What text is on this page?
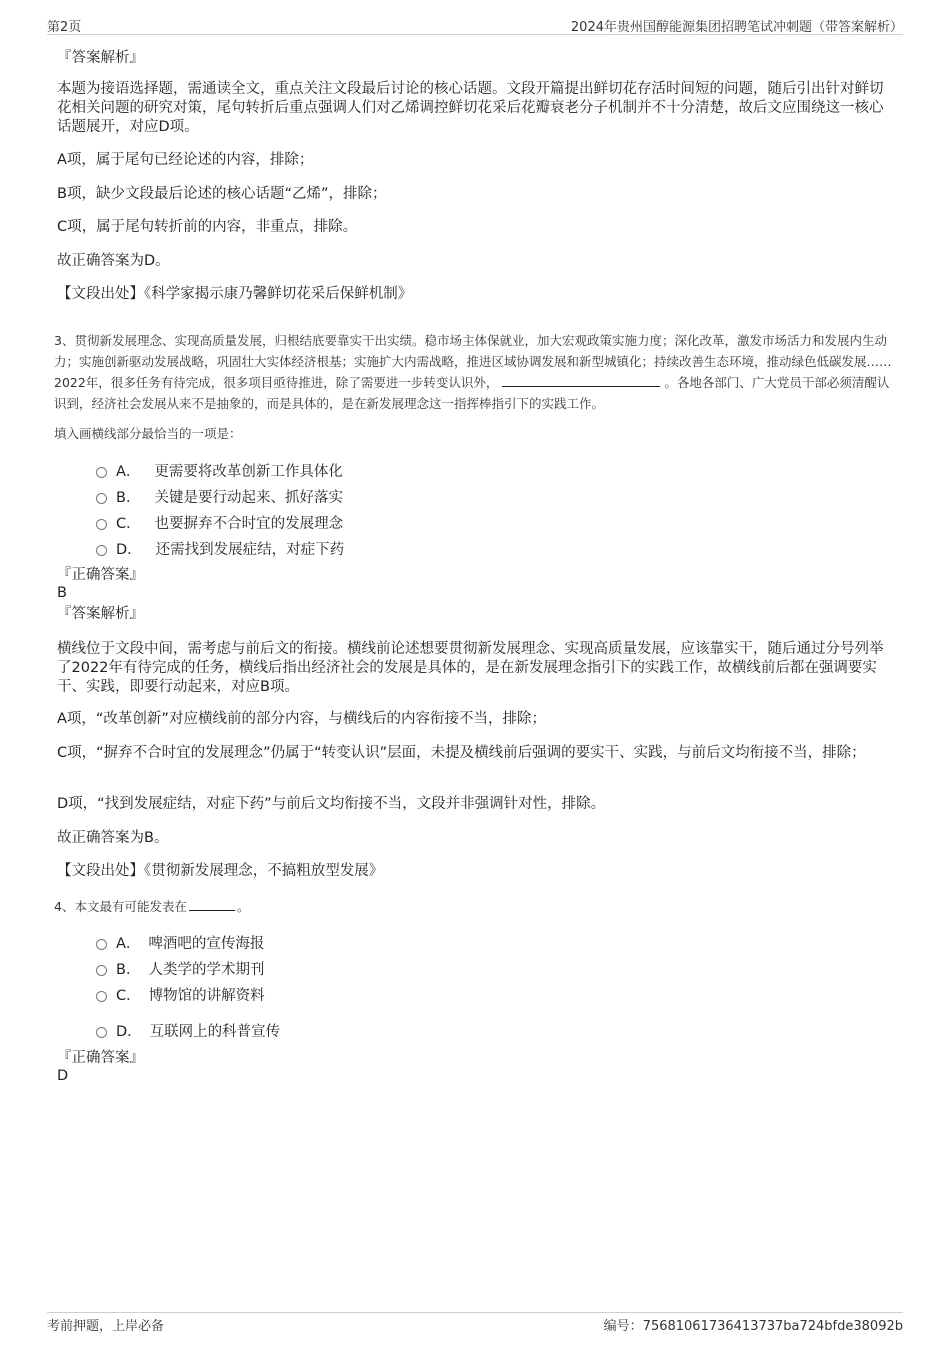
第2页	2024年贵州国醇能源集团招聘笔试冲刺题（带答案解析）
『答案解析』
本题为接语选择题，需通读全文，重点关注文段最后讨论的核心话题。文段开篇提出鲜切花存活时间短的问题，随后引出针对鲜切花相关问题的研究对策，尾句转折后重点强调人们对乙烯调控鲜切花采后花瓣衰老分子机制并不十分清楚，故后文应围绕这一核心话题展开，对应D项。
A项，属于尾句已经论述的内容，排除；
B项，缺少文段最后论述的核心话题“乙烯”，排除；
C项，属于尾句转折前的内容，非重点，排除。
故正确答案为D。
【文段出处】《科学家揭示康乃馨鲜切花采后保鲜机制》
3、贯彻新发展理念、实现高质量发展，归根结底要靠实干出实绩。稳市场主体保就业，加大宏观政策实施力度；深化改革，激发市场活力和发展内生动力；实施创新驱动发展战略，巩固壮大实体经济根基；实施扩大内需战略，推进区域协调发展和新型城镇化；持续改善生态环境，推动绿色低碳发展……2022年，很多任务有待完成，很多项目亟待推进，除了需要进一步转变认识外，	。各地各部门、广大党员干部必须清醒认识到，经济社会发展从来不是抽象的，而是具体的，是在新发展理念这一指挥棒指引下的实践工作。
填入画横线部分最恰当的一项是：
A． 更需要将改革创新工作具体化
B． 关键是要行动起来、抓好落实
C． 也要摒弃不合时宜的发展理念
D． 还需找到发展症结，对症下药
『正确答案』
B
『答案解析』
横线位于文段中间，需考虑与前后文的衔接。横线前论述想要贯彻新发展理念、实现高质量发展，应该靠实干，随后通过分号列举了2022年有待完成的任务，横线后指出经济社会的发展是具体的，是在新发展理念指引下的实践工作，故横线前后都在强调要实干、实践，即要行动起来，对应B项。
A项，“改革创新”对应横线前的部分内容，与横线后的内容衔接不当，排除；
C项，“摒弃不合时宜的发展理念”仍属于“转变认识”层面，未提及横线前后强调的要实干、实践，与前后文均衔接不当，排除；
D项，“找到发展症结，对症下药”与前后文均衔接不当，文段并非强调针对性，排除。
故正确答案为B。
【文段出处】《贯彻新发展理念，不搞粗放型发展》
4、本文最有可能发表在	。
A． 啤酒吧的宣传海报
B． 人类学的学术期刊
C． 博物馆的讲解资料
D． 互联网上的科普宣传
『正确答案』
D
考前押题，上岸必备	编号：75681061736413737ba724bfde38092b
